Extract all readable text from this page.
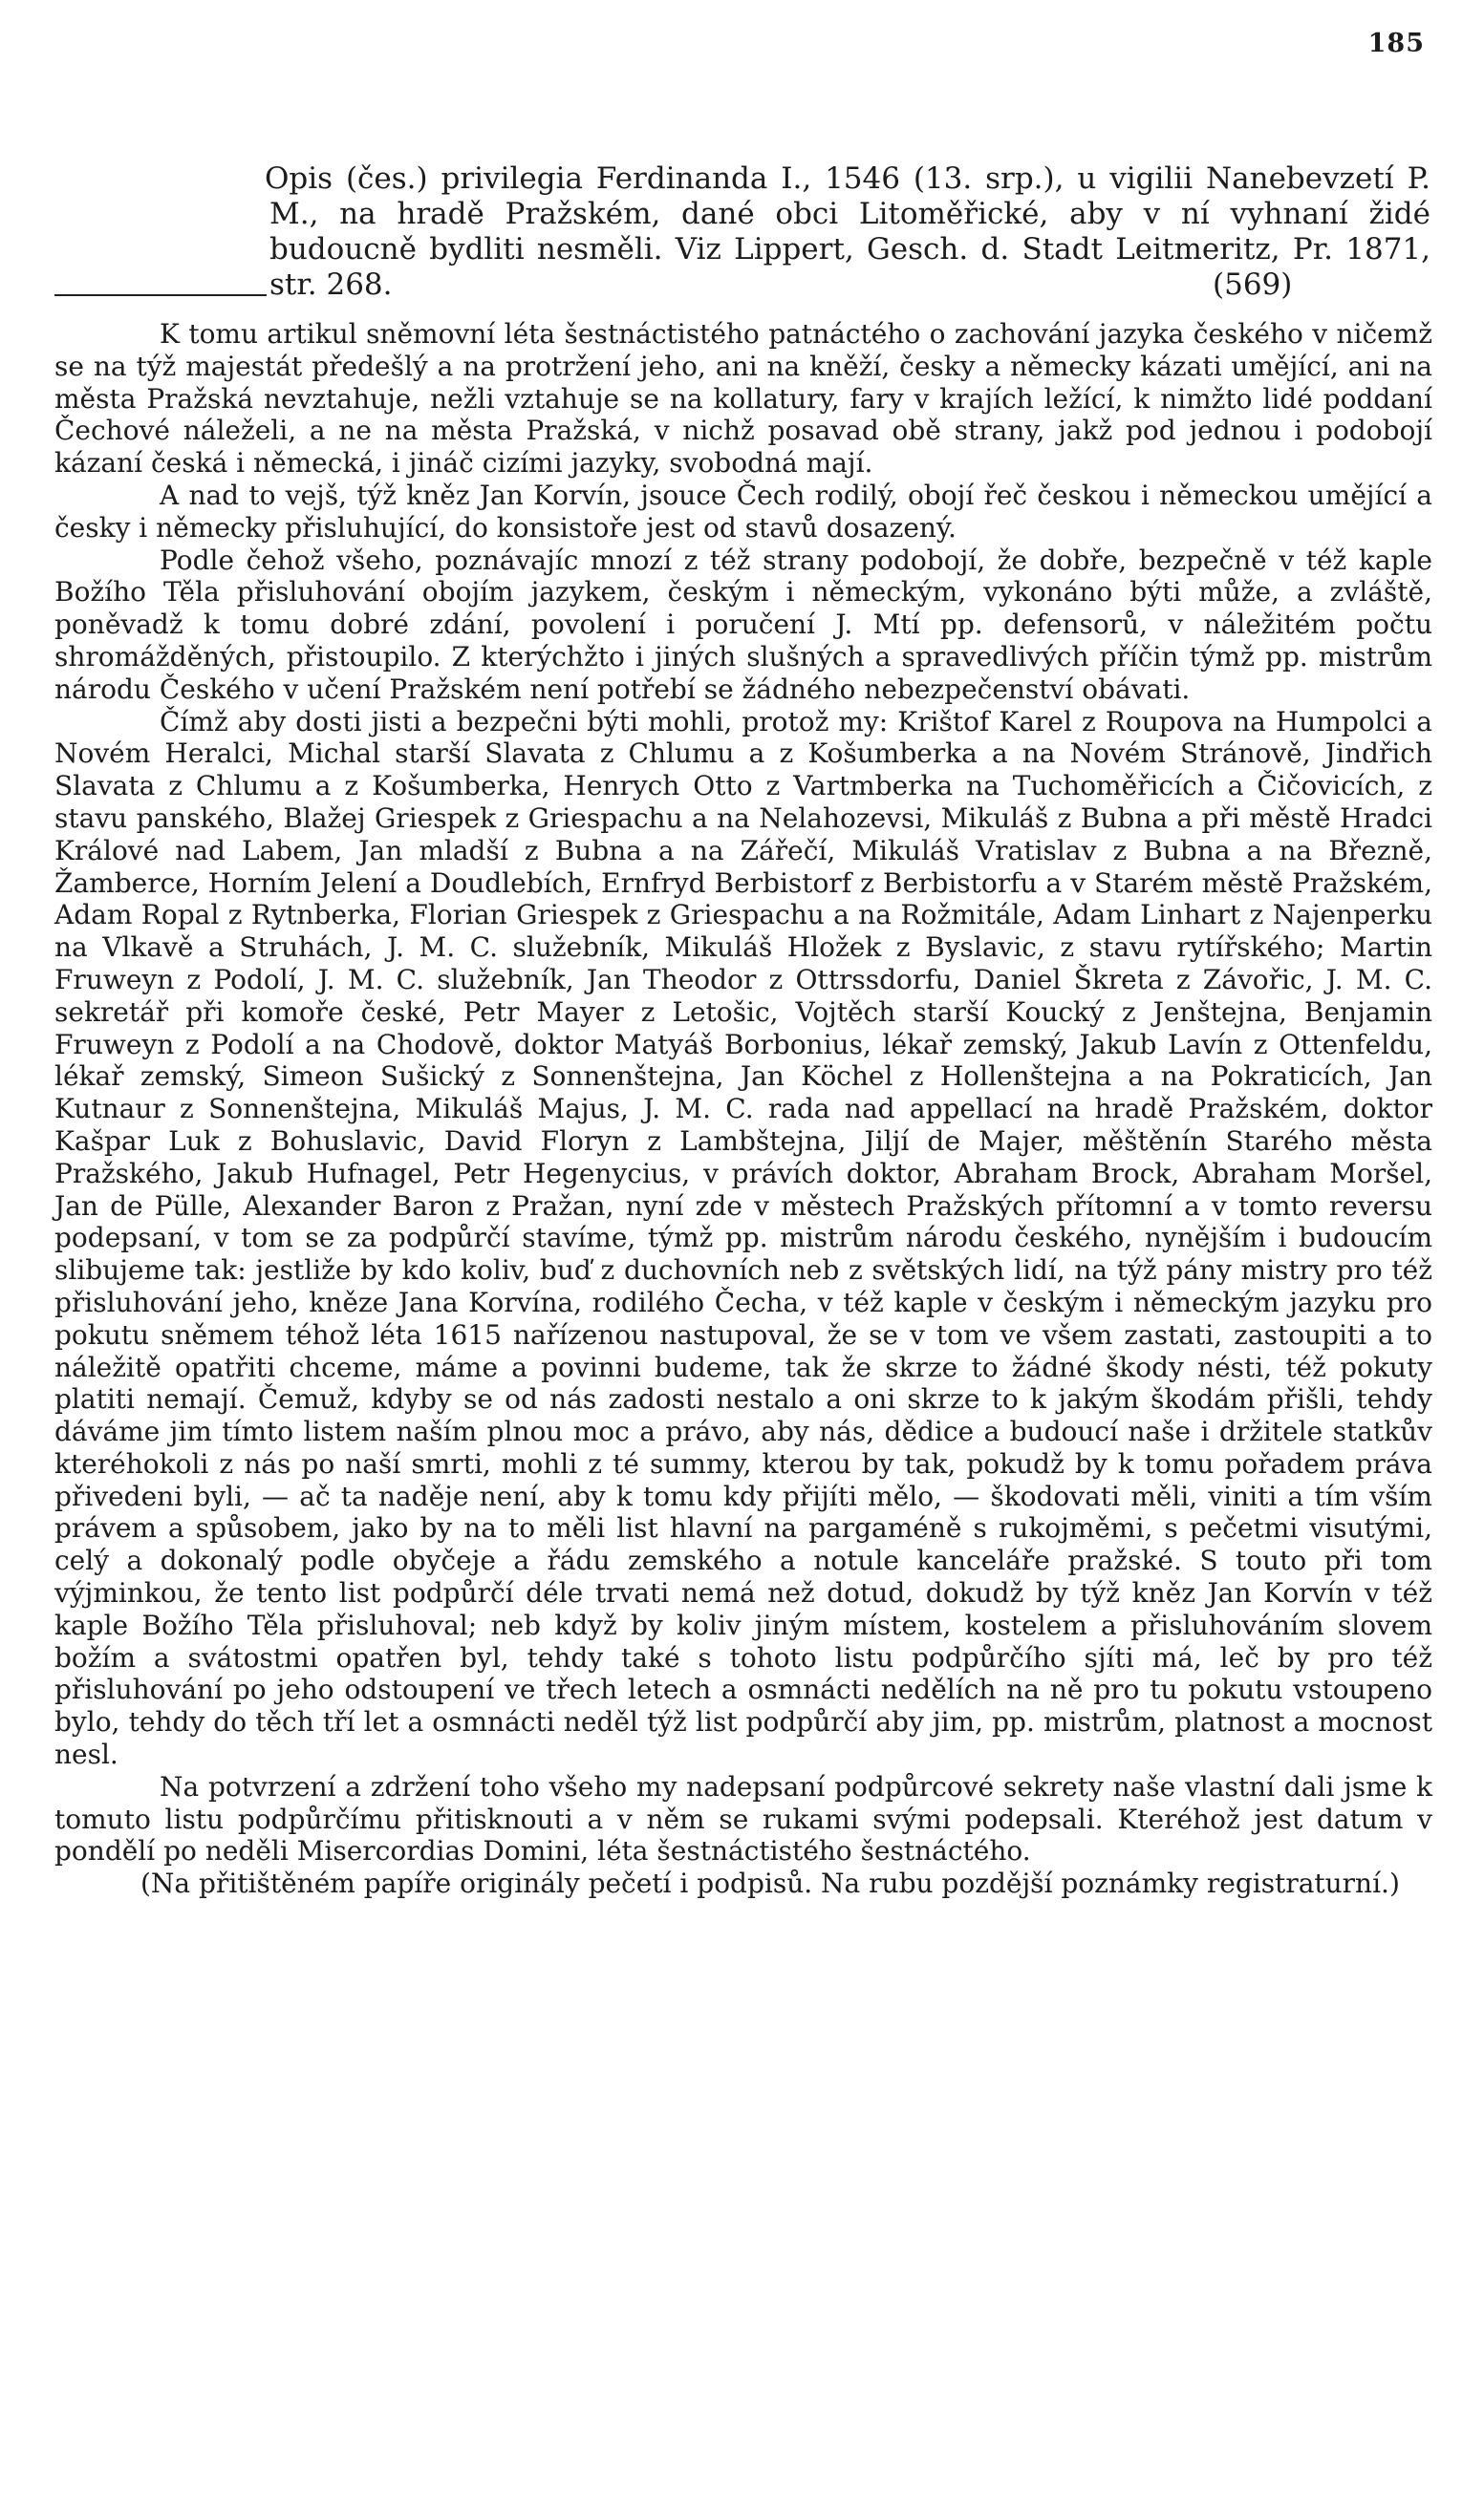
185

Opis (čes.) privilegia Ferdinanda I., 1546 (13. srp.), u vigilii Nanebevzetí P. M., na hradě Pražském, dané obci Litoměřické, aby v ní vyhnaní židé budoucně bydliti nesměli. Viz Lippert, Gesch. d. Stadt Leitmeritz, Pr. 1871, str. 268.	(569)

K tomu artikul sněmovní léta šestnáctistého patnáctého o zachování jazyka českého v ničemž se na týž majestát předešlý a na protržení jeho, ani na kněží, česky a německy kázati umějící, ani na města Pražská nevztahuje, nežli vztahuje se na kollatury, fary v krajích ležící, k nimžto lidé poddaní Čechové náleželi, a ne na města Pražská, v nichž posavad obě strany, jakž pod jednou i podobojí kázaní česká i německá, i jináč cizími jazyky, svobodná mají.

A nad to vejš, týž kněz Jan Korvín, jsouce Čech rodilý, obojí řeč českou i německou umějící a česky i německy přisluhující, do konsistoře jest od stavů dosazený.

Podle čehož všeho, poznávajíc mnozí z též strany podobojí, že dobře, bezpečně v též kaple Božího Těla přisluhování obojím jazykem, českým i německým, vykonáno býti může, a zvláště, poněvadž k tomu dobré zdání, povolení i poručení J. Mtí pp. defensorů, v náležitém počtu shromážděných, přistoupilo. Z kterýchžto i jiných slušných a spravedlivých příčin týmž pp. mistrům národu Českého v učení Pražském není potřebí se žádného nebezpečenství obávati.

Čímž aby dosti jisti a bezpečni býti mohli, protož my: Krištof Karel z Roupova na Humpolci a Novém Heralci, Michal starší Slavata z Chlumu a z Košumberka a na Novém Stránově, Jindřich Slavata z Chlumu a z Košumberka, Henrych Otto z Vartmberka na Tuchoměřicích a Čičovicích, z stavu panského, Blažej Griespek z Griespachu a na Nelahozevsi, Mikuláš z Bubna a při městě Hradci Králové nad Labem, Jan mladší z Bubna a na Zářečí, Mikuláš Vratislav z Bubna a na Březně, Žamberce, Horním Jelení a Doudlebích, Ernfryd Berbistorf z Berbistorfu a v Starém městě Pražském, Adam Ropal z Rytnberka, Florian Griespek z Griespachu a na Rožmitále, Adam Linhart z Najenperku na Vlkavě a Struhách, J. M. C. služebník, Mikuláš Hložek z Byslavic, z stavu rytířského; Martin Fruweyn z Podolí, J. M. C. služebník, Jan Theodor z Ottrssdorfu, Daniel Škreta z Závořic, J. M. C. sekretář při komoře české, Petr Mayer z Letošic, Vojtěch starší Koucký z Jenštejna, Benjamin Fruweyn z Podolí a na Chodově, doktor Matyáš Borbonius, lékař zemský, Jakub Lavín z Ottenfeldu, lékař zemský, Simeon Sušický z Sonnenštejna, Jan Köchel z Hollenštejna a na Pokraticích, Jan Kutnaur z Sonnenštejna, Mikuláš Majus, J. M. C. rada nad appellací na hradě Pražském, doktor Kašpar Luk z Bohuslavic, David Floryn z Lambštejna, Jiljí de Majer, měštěnín Starého města Pražského, Jakub Hufnagel, Petr Hegenycius, v právích doktor, Abraham Brock, Abraham Moršel, Jan de Pülle, Alexander Baron z Pražan, nyní zde v městech Pražských přítomní a v tomto reversu podepsaní, v tom se za podpůrčí stavíme, týmž pp. mistrům národu českého, nynějším i budoucím slibujeme tak: jestliže by kdo koliv, buď z duchovních neb z světských lidí, na týž pány mistry pro též přisluhování jeho, kněze Jana Korvína, rodilého Čecha, v též kaple v českým i německým jazyku pro pokutu sněmem téhož léta 1615 nařízenou nastupoval, že se v tom ve všem zastati, zastoupiti a to náležitě opatřiti chceme, máme a povinni budeme, tak že skrze to žádné škody nésti, též pokuty platiti nemají. Čemuž, kdyby se od nás zadosti nestalo a oni skrze to k jakým škodám přišli, tehdy dáváme jim tímto listem naším plnou moc a právo, aby nás, dědice a budoucí naše i držitele statkův kteréhokoli z nás po naší smrti, mohli z té summy, kterou by tak, pokudž by k tomu pořadem práva přivedeni byli, — ač ta naděje není, aby k tomu kdy přijíti mělo, — škodovati měli, viniti a tím vším právem a spůsobem, jako by na to měli list hlavní na pargaméně s rukojměmi, s pečetmi visutými, celý a dokonalý podle obyčeje a řádu zemského a notule kanceláře pražské. S touto při tom výjminkou, že tento list podpůrčí déle trvati nemá než dotud, dokudž by týž kněz Jan Korvín v též kaple Božího Těla přisluhoval; neb když by koliv jiným místem, kostelem a přisluhováním slovem božím a svátostmi opatřen byl, tehdy také s tohoto listu podpůrčího sjíti má, leč by pro též přisluhování po jeho odstoupení ve třech letech a osmnácti nedělích na ně pro tu pokutu vstoupeno bylo, tehdy do těch tří let a osmnácti neděl týž list podpůrčí aby jim, pp. mistrům, platnost a mocnost nesl.

Na potvrzení a zdržení toho všeho my nadepsaní podpůrcové sekrety naše vlastní dali jsme k tomuto listu podpůrčímu přitisknouti a v něm se rukami svými podepsali. Kteréhož jest datum v pondělí po neděli Misercordias Domini, léta šestnáctistého šestnáctého.

(Na přitištěném papíře originály pečetí i podpisů. Na rubu pozdější poznámky registraturní.)
